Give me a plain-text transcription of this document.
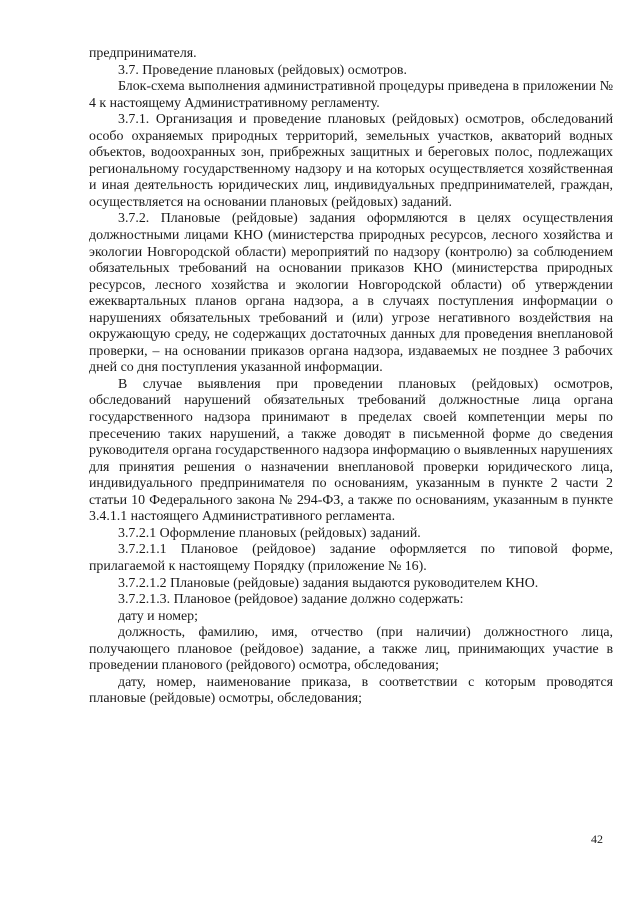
предпринимателя.

3.7. Проведение плановых (рейдовых) осмотров.

Блок-схема выполнения административной процедуры приведена в приложении № 4 к настоящему Административному регламенту.

3.7.1. Организация и проведение плановых (рейдовых) осмотров, обследований особо охраняемых природных территорий, земельных участков, акваторий водных объектов, водоохранных зон, прибрежных защитных и береговых полос, подлежащих региональному государственному надзору и на которых осуществляется хозяйственная и иная деятельность юридических лиц, индивидуальных предпринимателей, граждан, осуществляется на основании плановых (рейдовых) заданий.

3.7.2. Плановые (рейдовые) задания оформляются в целях осуществления должностными лицами КНО (министерства природных ресурсов, лесного хозяйства и экологии Новгородской области) мероприятий по надзору (контролю) за соблюдением обязательных требований на основании приказов КНО (министерства природных ресурсов, лесного хозяйства и экологии Новгородской области) об утверждении ежеквартальных планов органа надзора, а в случаях поступления информации о нарушениях обязательных требований и (или) угрозе негативного воздействия на окружающую среду, не содержащих достаточных данных для проведения внеплановой проверки, – на основании приказов органа надзора, издаваемых не позднее 3 рабочих дней со дня поступления указанной информации.

В случае выявления при проведении плановых (рейдовых) осмотров, обследований нарушений обязательных требований должностные лица органа государственного надзора принимают в пределах своей компетенции меры по пресечению таких нарушений, а также доводят в письменной форме до сведения руководителя органа государственного надзора информацию о выявленных нарушениях для принятия решения о назначении внеплановой проверки юридического лица, индивидуального предпринимателя по основаниям, указанным в пункте 2 части 2 статьи 10 Федерального закона № 294-ФЗ, а также по основаниям, указанным в пункте 3.4.1.1 настоящего Административного регламента.

3.7.2.1 Оформление плановых (рейдовых) заданий.

3.7.2.1.1 Плановое (рейдовое) задание оформляется по типовой форме, прилагаемой к настоящему Порядку (приложение № 16).

3.7.2.1.2 Плановые (рейдовые) задания выдаются руководителем КНО.

3.7.2.1.3. Плановое (рейдовое) задание должно содержать:

дату и номер;

должность, фамилию, имя, отчество (при наличии) должностного лица, получающего плановое (рейдовое) задание, а также лиц, принимающих участие в проведении планового (рейдового) осмотра, обследования;

дату, номер, наименование приказа, в соответствии с которым проводятся плановые (рейдовые) осмотры, обследования;

42
